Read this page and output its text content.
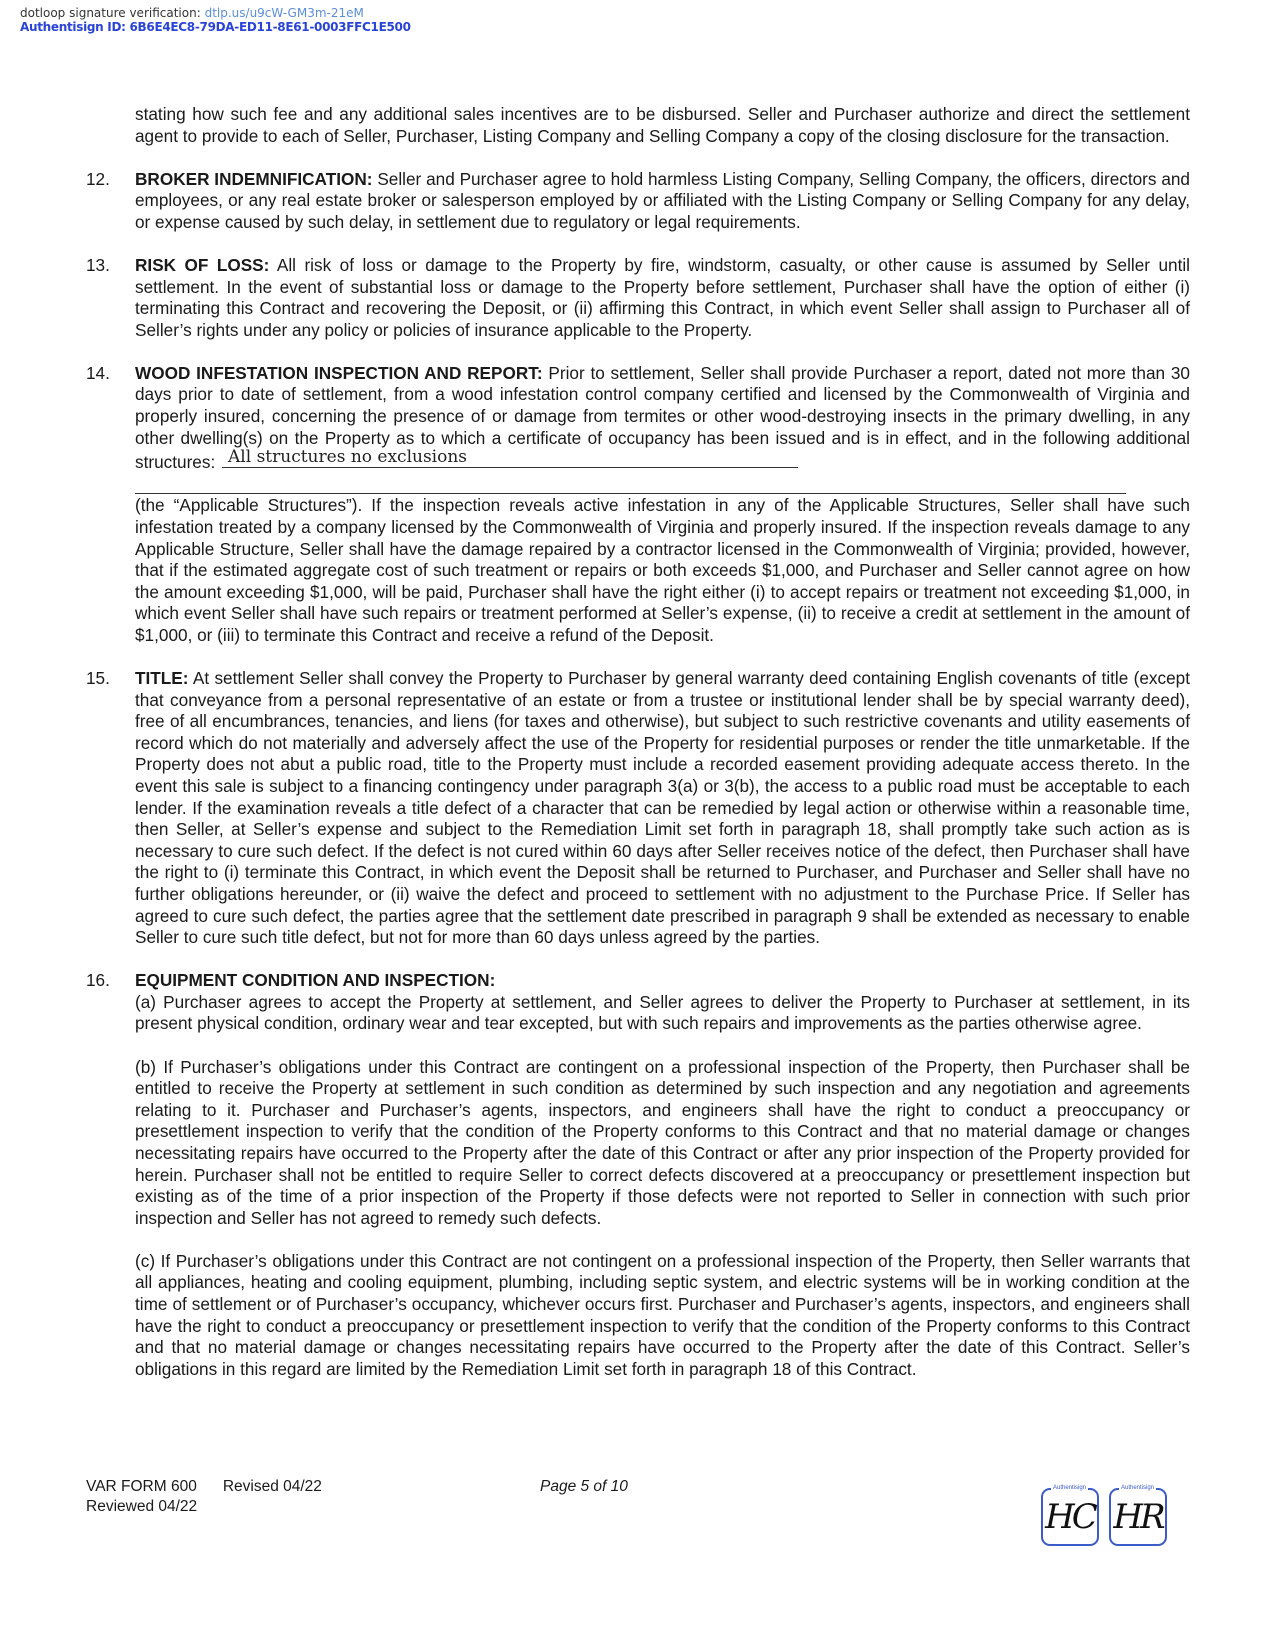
dotloop signature verification: dtlp.us/u9cW-GM3m-21eM
Authentisign ID: 6B6E4EC8-79DA-ED11-8E61-0003FFC1E500
stating how such fee and any additional sales incentives are to be disbursed. Seller and Purchaser authorize and direct the settlement agent to provide to each of Seller, Purchaser, Listing Company and Selling Company a copy of the closing disclosure for the transaction.
12. BROKER INDEMNIFICATION: Seller and Purchaser agree to hold harmless Listing Company, Selling Company, the officers, directors and employees, or any real estate broker or salesperson employed by or affiliated with the Listing Company or Selling Company for any delay, or expense caused by such delay, in settlement due to regulatory or legal requirements.
13. RISK OF LOSS: All risk of loss or damage to the Property by fire, windstorm, casualty, or other cause is assumed by Seller until settlement. In the event of substantial loss or damage to the Property before settlement, Purchaser shall have the option of either (i) terminating this Contract and recovering the Deposit, or (ii) affirming this Contract, in which event Seller shall assign to Purchaser all of Seller’s rights under any policy or policies of insurance applicable to the Property.
14. WOOD INFESTATION INSPECTION AND REPORT: Prior to settlement, Seller shall provide Purchaser a report, dated not more than 30 days prior to date of settlement, from a wood infestation control company certified and licensed by the Commonwealth of Virginia and properly insured, concerning the presence of or damage from termites or other wood-destroying insects in the primary dwelling, in any other dwelling(s) on the Property as to which a certificate of occupancy has been issued and is in effect, and in the following additional structures: All structures no exclusions
(the “Applicable Structures”). If the inspection reveals active infestation in any of the Applicable Structures, Seller shall have such infestation treated by a company licensed by the Commonwealth of Virginia and properly insured. If the inspection reveals damage to any Applicable Structure, Seller shall have the damage repaired by a contractor licensed in the Commonwealth of Virginia; provided, however, that if the estimated aggregate cost of such treatment or repairs or both exceeds $1,000, and Purchaser and Seller cannot agree on how the amount exceeding $1,000, will be paid, Purchaser shall have the right either (i) to accept repairs or treatment not exceeding $1,000, in which event Seller shall have such repairs or treatment performed at Seller’s expense, (ii) to receive a credit at settlement in the amount of $1,000, or (iii) to terminate this Contract and receive a refund of the Deposit.
15. TITLE: At settlement Seller shall convey the Property to Purchaser by general warranty deed containing English covenants of title (except that conveyance from a personal representative of an estate or from a trustee or institutional lender shall be by special warranty deed), free of all encumbrances, tenancies, and liens (for taxes and otherwise), but subject to such restrictive covenants and utility easements of record which do not materially and adversely affect the use of the Property for residential purposes or render the title unmarketable. If the Property does not abut a public road, title to the Property must include a recorded easement providing adequate access thereto. In the event this sale is subject to a financing contingency under paragraph 3(a) or 3(b), the access to a public road must be acceptable to each lender. If the examination reveals a title defect of a character that can be remedied by legal action or otherwise within a reasonable time, then Seller, at Seller’s expense and subject to the Remediation Limit set forth in paragraph 18, shall promptly take such action as is necessary to cure such defect. If the defect is not cured within 60 days after Seller receives notice of the defect, then Purchaser shall have the right to (i) terminate this Contract, in which event the Deposit shall be returned to Purchaser, and Purchaser and Seller shall have no further obligations hereunder, or (ii) waive the defect and proceed to settlement with no adjustment to the Purchase Price. If Seller has agreed to cure such defect, the parties agree that the settlement date prescribed in paragraph 9 shall be extended as necessary to enable Seller to cure such title defect, but not for more than 60 days unless agreed by the parties.
16. EQUIPMENT CONDITION AND INSPECTION:
(a) Purchaser agrees to accept the Property at settlement, and Seller agrees to deliver the Property to Purchaser at settlement, in its present physical condition, ordinary wear and tear excepted, but with such repairs and improvements as the parties otherwise agree.
(b) If Purchaser’s obligations under this Contract are contingent on a professional inspection of the Property, then Purchaser shall be entitled to receive the Property at settlement in such condition as determined by such inspection and any negotiation and agreements relating to it. Purchaser and Purchaser’s agents, inspectors, and engineers shall have the right to conduct a preoccupancy or presettlement inspection to verify that the condition of the Property conforms to this Contract and that no material damage or changes necessitating repairs have occurred to the Property after the date of this Contract or after any prior inspection of the Property provided for herein. Purchaser shall not be entitled to require Seller to correct defects discovered at a preoccupancy or presettlement inspection but existing as of the time of a prior inspection of the Property if those defects were not reported to Seller in connection with such prior inspection and Seller has not agreed to remedy such defects.
(c) If Purchaser’s obligations under this Contract are not contingent on a professional inspection of the Property, then Seller warrants that all appliances, heating and cooling equipment, plumbing, including septic system, and electric systems will be in working condition at the time of settlement or of Purchaser’s occupancy, whichever occurs first. Purchaser and Purchaser’s agents, inspectors, and engineers shall have the right to conduct a preoccupancy or presettlement inspection to verify that the condition of the Property conforms to this Contract and that no material damage or changes necessitating repairs have occurred to the Property after the date of this Contract. Seller’s obligations in this regard are limited by the Remediation Limit set forth in paragraph 18 of this Contract.
VAR FORM 600 Revised 04/22
Reviewed 04/22
Page 5 of 10	Authentisign
HC
Authentisign
HR
